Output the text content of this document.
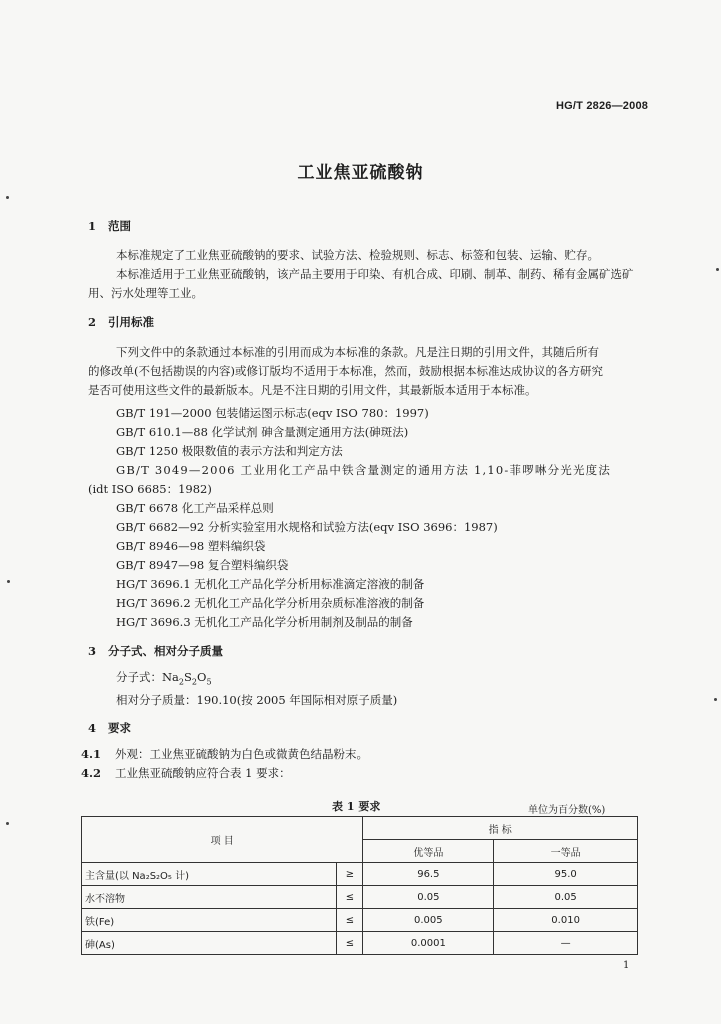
HG/T 2826—2008
工业焦亚硫酸钠
1 范围
本标准规定了工业焦亚硫酸钠的要求、试验方法、检验规则、标志、标签和包装、运输、贮存。
本标准适用于工业焦亚硫酸钠，该产品主要用于印染、有机合成、印刷、制革、制药、稀有金属矿选矿
用、污水处理等工业。
2 引用标准
下列文件中的条款通过本标准的引用而成为本标准的条款。凡是注日期的引用文件，其随后所有
的修改单(不包括勘误的内容)或修订版均不适用于本标准，然而，鼓励根据本标准达成协议的各方研究
是否可使用这些文件的最新版本。凡是不注日期的引用文件，其最新版本适用于本标准。
GB/T 191—2000 包装储运图示标志(eqv ISO 780：1997)
GB/T 610.1—88 化学试剂 砷含量测定通用方法(砷斑法)
GB/T 1250 极限数值的表示方法和判定方法
GB/T 3049—2006 工业用化工产品中铁含量测定的通用方法 1,10-菲啰啉分光光度法
(idt ISO 6685：1982)
GB/T 6678 化工产品采样总则
GB/T 6682—92 分析实验室用水规格和试验方法(eqv ISO 3696：1987)
GB/T 8946—98 塑料编织袋
GB/T 8947—98 复合塑料编织袋
HG/T 3696.1 无机化工产品化学分析用标准滴定溶液的制备
HG/T 3696.2 无机化工产品化学分析用杂质标准溶液的制备
HG/T 3696.3 无机化工产品化学分析用制剂及制品的制备
3 分子式、相对分子质量
分子式：$Na_2S_2O_5$
相对分子质量：190.10(按 2005 年国际相对原子质量)
4 要求
4.1 外观：工业焦亚硫酸钠为白色或微黄色结晶粉末。
4.2 工业焦亚硫酸钠应符合表 1 要求：
表 1 要求	单位为百分数(%)
项 目		指 标	
		优等品	一等品
主含量(以 Na₂S₂O₅ 计)	≥	96.5	95.0
水不溶物	≤	0.05	0.05
铁(Fe)	≤	0.005	0.010
砷(As)	≤	0.0001	—
1
